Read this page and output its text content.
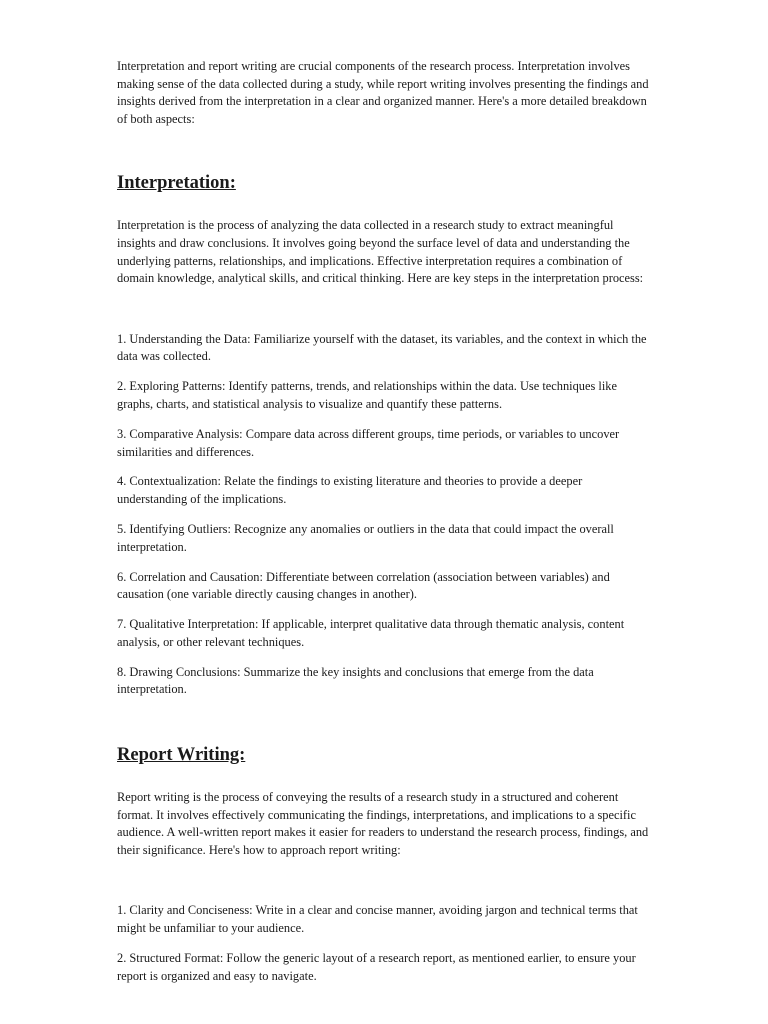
Interpretation and report writing are crucial components of the research process. Interpretation involves making sense of the data collected during a study, while report writing involves presenting the findings and insights derived from the interpretation in a clear and organized manner. Here's a more detailed breakdown of both aspects:

Interpretation:

Interpretation is the process of analyzing the data collected in a research study to extract meaningful insights and draw conclusions. It involves going beyond the surface level of data and understanding the underlying patterns, relationships, and implications. Effective interpretation requires a combination of domain knowledge, analytical skills, and critical thinking. Here are key steps in the interpretation process:

1. Understanding the Data: Familiarize yourself with the dataset, its variables, and the context in which the data was collected.

2. Exploring Patterns: Identify patterns, trends, and relationships within the data. Use techniques like graphs, charts, and statistical analysis to visualize and quantify these patterns.

3. Comparative Analysis: Compare data across different groups, time periods, or variables to uncover similarities and differences.

4. Contextualization: Relate the findings to existing literature and theories to provide a deeper understanding of the implications.

5. Identifying Outliers: Recognize any anomalies or outliers in the data that could impact the overall interpretation.

6. Correlation and Causation: Differentiate between correlation (association between variables) and causation (one variable directly causing changes in another).

7. Qualitative Interpretation: If applicable, interpret qualitative data through thematic analysis, content analysis, or other relevant techniques.

8. Drawing Conclusions: Summarize the key insights and conclusions that emerge from the data interpretation.

Report Writing:

Report writing is the process of conveying the results of a research study in a structured and coherent format. It involves effectively communicating the findings, interpretations, and implications to a specific audience. A well-written report makes it easier for readers to understand the research process, findings, and their significance. Here's how to approach report writing:

1. Clarity and Conciseness: Write in a clear and concise manner, avoiding jargon and technical terms that might be unfamiliar to your audience.

2. Structured Format: Follow the generic layout of a research report, as mentioned earlier, to ensure your report is organized and easy to navigate.
